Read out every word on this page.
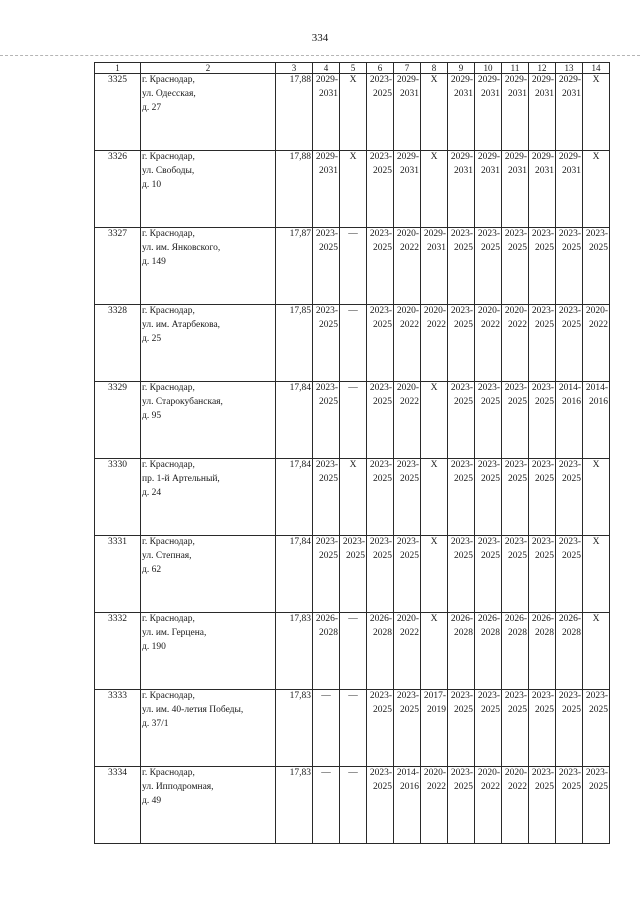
334
1	2	3	4	5	6	7	8	9	10	11	12	13	14
3325	г. Краснодар,
ул. Одесская,
д. 27	17,88	2029-
2031	Х	2023-
2025	2029-
2031	Х	2029-
2031	2029-
2031	2029-
2031	2029-
2031	2029-
2031	Х

3326	г. Краснодар,
ул. Свободы,
д. 10	17,88	2029-
2031	Х	2023-
2025	2029-
2031	Х	2029-
2031	2029-
2031	2029-
2031	2029-
2031	2029-
2031	Х

3327	г. Краснодар,
ул. им. Янковского,
д. 149	17,87	2023-
2025	—	2023-
2025	2020-
2022	2029-
2031	2023-
2025	2023-
2025	2023-
2025	2023-
2025	2023-
2025	2023-
2025

3328	г. Краснодар,
ул. им. Атарбекова,
д. 25	17,85	2023-
2025	—	2023-
2025	2020-
2022	2020-
2022	2023-
2025	2020-
2022	2020-
2022	2023-
2025	2023-
2025	2020-
2022

3329	г. Краснодар,
ул. Старокубанская,
д. 95	17,84	2023-
2025	—	2023-
2025	2020-
2022	Х	2023-
2025	2023-
2025	2023-
2025	2023-
2025	2014-
2016	2014-
2016

3330	г. Краснодар,
пр. 1-й Артельный,
д. 24	17,84	2023-
2025	Х	2023-
2025	2023-
2025	Х	2023-
2025	2023-
2025	2023-
2025	2023-
2025	2023-
2025	Х

3331	г. Краснодар,
ул. Степная,
д. 62	17,84	2023-
2025	2023-
2025	2023-
2025	2023-
2025	Х	2023-
2025	2023-
2025	2023-
2025	2023-
2025	2023-
2025	Х

3332	г. Краснодар,
ул. им. Герцена,
д. 190	17,83	2026-
2028	—	2026-
2028	2020-
2022	Х	2026-
2028	2026-
2028	2026-
2028	2026-
2028	2026-
2028	Х

3333	г. Краснодар,
ул. им. 40-летия Победы,
д. 37/1	17,83	—	—	2023-
2025	2023-
2025	2017-
2019	2023-
2025	2023-
2025	2023-
2025	2023-
2025	2023-
2025	2023-
2025

3334	г. Краснодар,
ул. Ипподромная,
д. 49	17,83	—	—	2023-
2025	2014-
2016	2020-
2022	2023-
2025	2020-
2022	2020-
2022	2023-
2025	2023-
2025	2023-
2025
